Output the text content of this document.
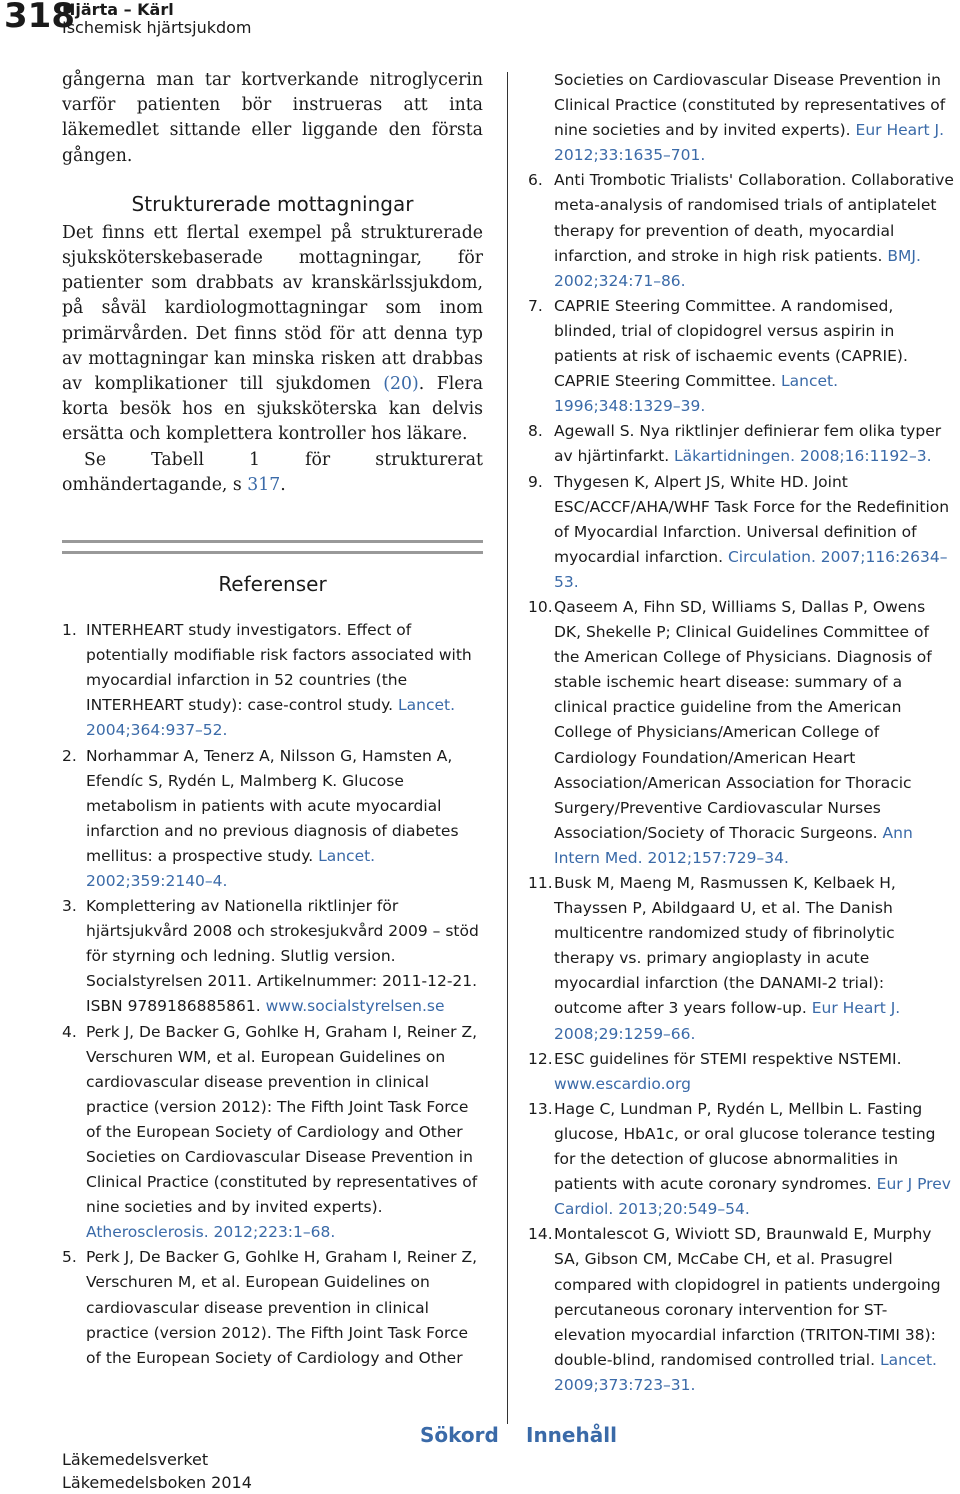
318
Hjärta – Kärl
Ischemisk hjärtsjukdom

gångerna man tar kortverkande nitroglycerin varför patienten bör instrueras att inta läkemedlet sittande eller liggande den första gången.

Strukturerade mottagningar

Det finns ett flertal exempel på strukturerade sjuksköterskebaserade mottagningar, för patienter som drabbats av kranskärlssjukdom, på såväl kardiologmottagningar som inom primärvården. Det finns stöd för att denna typ av mottagningar kan minska risken att drabbas av komplikationer till sjukdomen (20). Flera korta besök hos en sjuksköterska kan delvis ersätta och komplettera kontroller hos läkare.

Se Tabell 1 för strukturerat omhändertagande, s 317.

Referenser
1. INTERHEART study investigators. Effect of potentially modifiable risk factors associated with myocardial infarction in 52 countries (the INTERHEART study): case-control study. Lancet. 2004;364:937–52.
2. Norhammar A, Tenerz A, Nilsson G, Hamsten A, Efendíc S, Rydén L, Malmberg K. Glucose metabolism in patients with acute myocardial infarction and no previous diagnosis of diabetes mellitus: a prospective study. Lancet. 2002;359:2140–4.
3. Komplettering av Nationella riktlinjer för hjärtsjukvård 2008 och strokesjukvård 2009 – stöd för styrning och ledning. Slutlig version. Socialstyrelsen 2011. Artikelnummer: 2011-12-21. ISBN 9789186885861. www.socialstyrelsen.se
4. Perk J, De Backer G, Gohlke H, Graham I, Reiner Z, Verschuren WM, et al. European Guidelines on cardiovascular disease prevention in clinical practice (version 2012): The Fifth Joint Task Force of the European Society of Cardiology and Other Societies on Cardiovascular Disease Prevention in Clinical Practice (constituted by representatives of nine societies and by invited experts). Atherosclerosis. 2012;223:1–68.
5. Perk J, De Backer G, Gohlke H, Graham I, Reiner Z, Verschuren M, et al. European Guidelines on cardiovascular disease prevention in clinical practice (version 2012). The Fifth Joint Task Force of the European Society of Cardiology and Other
Societies on Cardiovascular Disease Prevention in Clinical Practice (constituted by representatives of nine societies and by invited experts). Eur Heart J. 2012;33:1635–701.
6. Anti Trombotic Trialists' Collaboration. Collaborative meta-analysis of randomised trials of antiplatelet therapy for prevention of death, myocardial infarction, and stroke in high risk patients. BMJ. 2002;324:71–86.
7. CAPRIE Steering Committee. A randomised, blinded, trial of clopidogrel versus aspirin in patients at risk of ischaemic events (CAPRIE). CAPRIE Steering Committee. Lancet. 1996;348:1329–39.
8. Agewall S. Nya riktlinjer definierar fem olika typer av hjärtinfarkt. Läkartidningen. 2008;16:1192–3.
9. Thygesen K, Alpert JS, White HD. Joint ESC/ACCF/AHA/WHF Task Force for the Redefinition of Myocardial Infarction. Universal definition of myocardial infarction. Circulation. 2007;116:2634–53.
10. Qaseem A, Fihn SD, Williams S, Dallas P, Owens DK, Shekelle P; Clinical Guidelines Committee of the American College of Physicians. Diagnosis of stable ischemic heart disease: summary of a clinical practice guideline from the American College of Physicians/American College of Cardiology Foundation/American Heart Association/American Association for Thoracic Surgery/Preventive Cardiovascular Nurses Association/Society of Thoracic Surgeons. Ann Intern Med. 2012;157:729–34.
11. Busk M, Maeng M, Rasmussen K, Kelbaek H, Thayssen P, Abildgaard U, et al. The Danish multicentre randomized study of fibrinolytic therapy vs. primary angioplasty in acute myocardial infarction (the DANAMI-2 trial): outcome after 3 years follow-up. Eur Heart J. 2008;29:1259–66.
12. ESC guidelines för STEMI respektive NSTEMI. www.escardio.org
13. Hage C, Lundman P, Rydén L, Mellbin L. Fasting glucose, HbA1c, or oral glucose tolerance testing for the detection of glucose abnormalities in patients with acute coronary syndromes. Eur J Prev Cardiol. 2013;20:549–54.
14. Montalescot G, Wiviott SD, Braunwald E, Murphy SA, Gibson CM, McCabe CH, et al. Prasugrel compared with clopidogrel in patients undergoing percutaneous coronary intervention for ST-elevation myocardial infarction (TRITON-TIMI 38): double-blind, randomised controlled trial. Lancet. 2009;373:723–31.
Läkemedelsverket
Läkemedelsboken 2014
Sökord Innehåll
